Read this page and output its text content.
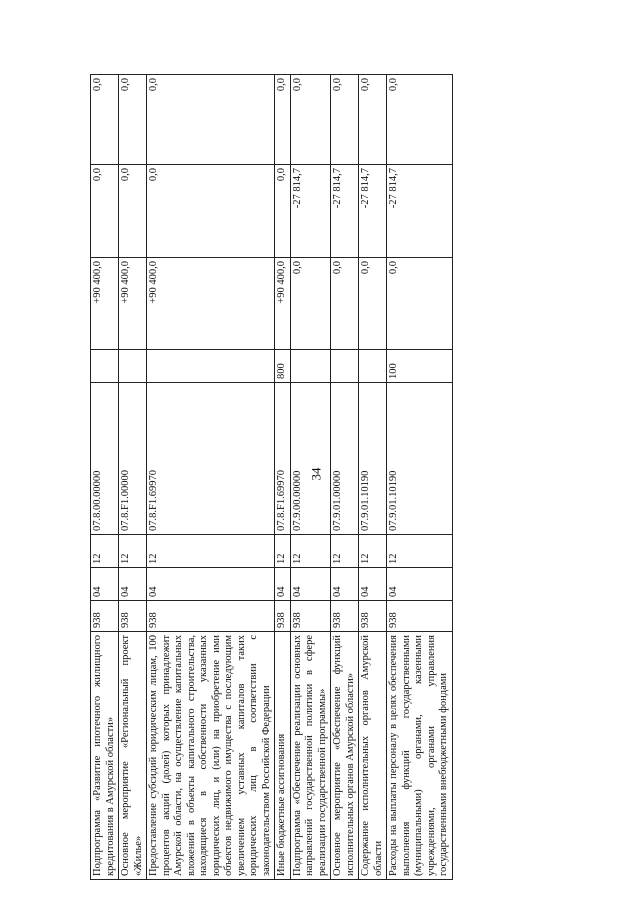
34
Подпрограмма «Развитие ипотечного жилищного кредитования в Амурской области»	938	04	12	07.8.00.00000		+90 400,0	0,0	0,0
Основное мероприятие «Региональный проект «Жилье»	938	04	12	07.8.F1.00000		+90 400,0	0,0	0,0
Предоставление субсидий юридическим лицам, 100 процентов акций (долей) которых принадлежит Амурской области, на осуществление капитальных вложений в объекты капитального строительства, находящиеся в собственности указанных юридических лиц, и (или) на приобретение ими объектов недвижимого имущества с последующим увеличением уставных капиталов таких юридических лиц в соответствии с законодательством Российской Федерации	938	04	12	07.8.F1.69970		+90 400,0	0,0	0,0
Иные бюджетные ассигнования	938	04	12	07.8.F1.69970	800	+90 400,0	0,0	0,0
Подпрограмма «Обеспечение реализации основных направлений государственной политики в сфере реализации государственной программы»	938	04	12	07.9.00.00000		0,0	-27 814,7	0,0
Основное мероприятие «Обеспечение функций исполнительных органов Амурской области»	938	04	12	07.9.01.00000		0,0	-27 814,7	0,0
Содержание исполнительных органов Амурской области	938	04	12	07.9.01.10190		0,0	-27 814,7	0,0
Расходы на выплаты персоналу в целях обеспечения выполнения функций государственными (муниципальными) органами, казенными учреждениями, органами управления государственными внебюджетными фондами	938	04	12	07.9.01.10190	100	0,0	-27 814,7	0,0
